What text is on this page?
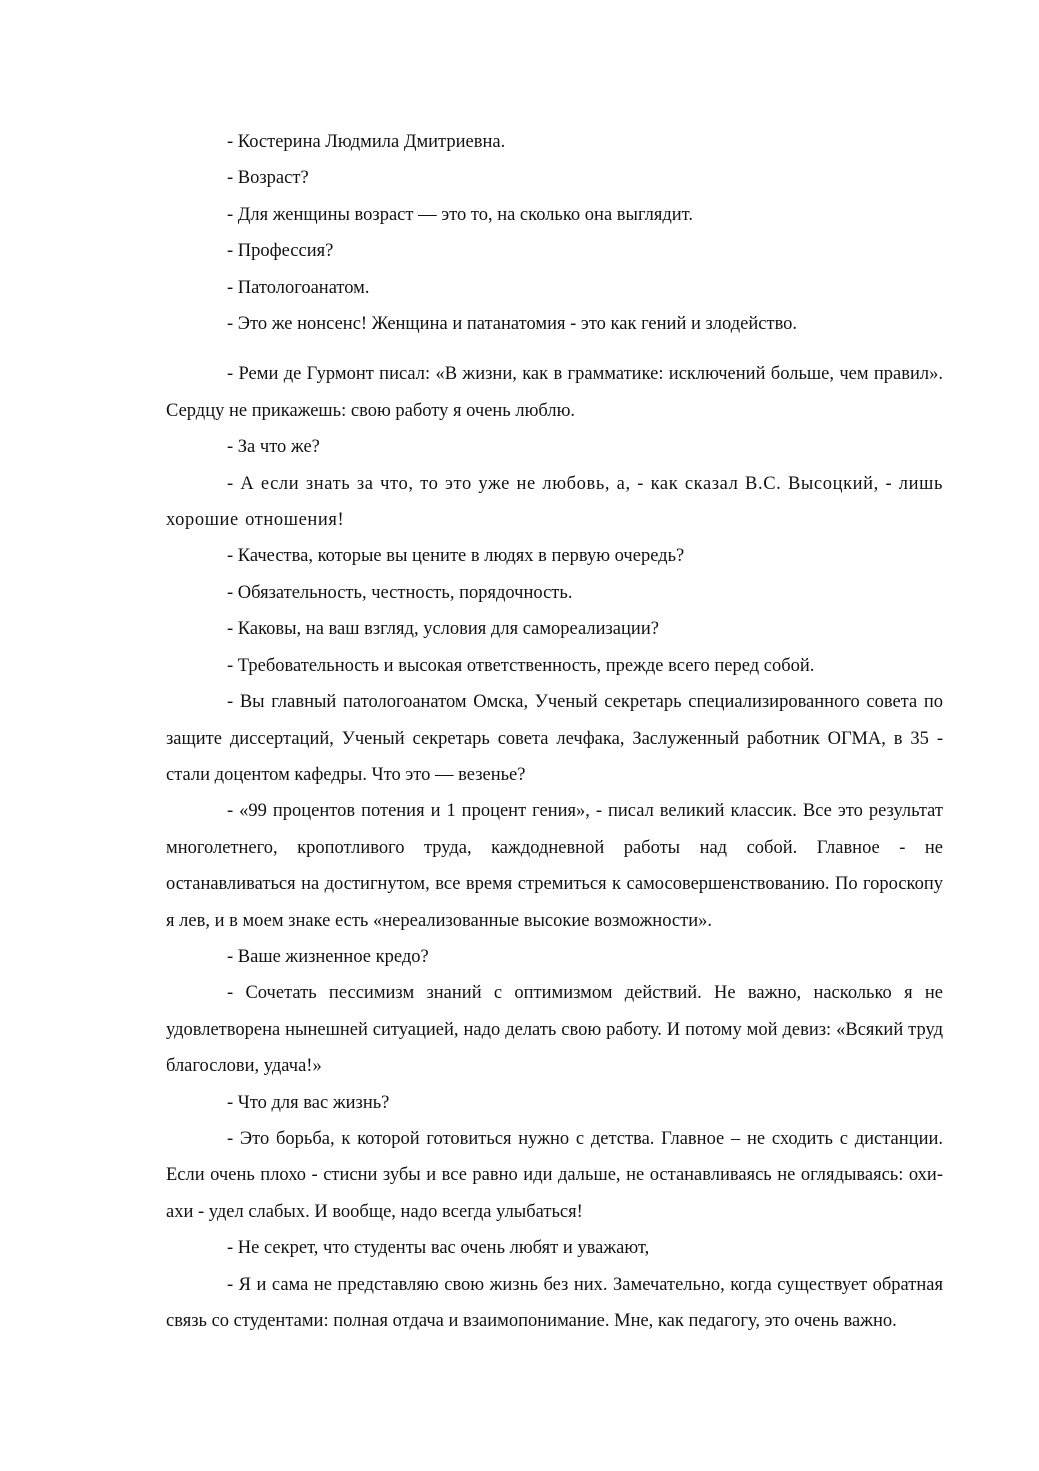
- Костерина Людмила Дмитриевна.

- Возраст?

- Для женщины возраст — это то, на сколько она выглядит.

- Профессия?

- Патологоанатом.

- Это же нонсенс! Женщина и патанатомия - это как гений и злодейство.

- Реми де Гурмонт писал: «В жизни, как в грамматике: исключений больше, чем правил». Сердцу не прикажешь: свою работу я очень люблю.

- За что же?

- А если знать за что, то это уже не любовь, а, - как сказал В.С. Высоцкий, - лишь хорошие отношения!

- Качества, которые вы цените в людях в первую очередь?

- Обязательность, честность, порядочность.

- Каковы, на ваш взгляд, условия для самореализации?

- Требовательность и высокая ответственность, прежде всего перед собой.

- Вы главный патологоанатом Омска, Ученый секретарь специализированного совета по защите диссертаций, Ученый секретарь совета лечфака, Заслуженный работник ОГМА, в 35 - стали доцентом кафедры. Что это — везенье?

- «99 процентов потения и 1 процент гения», - писал великий классик. Все это результат многолетнего, кропотливого труда, каждодневной работы над собой. Главное - не останавливаться на достигнутом, все время стремиться к самосовершенствованию. По гороскопу я лев, и в моем знаке есть «нереализованные высокие возможности».

- Ваше жизненное кредо?

- Сочетать пессимизм знаний с оптимизмом действий. Не важно, насколько я не удовлетворена нынешней ситуацией, надо делать свою работу. И потому мой девиз: «Всякий труд благослови, удача!»

- Что для вас жизнь?

- Это борьба, к которой готовиться нужно с детства. Главное – не сходить с дистанции. Если очень плохо - стисни зубы и все равно иди дальше, не останавливаясь не оглядываясь: охи-ахи - удел слабых. И вообще, надо всегда улыбаться!

- Не секрет, что студенты вас очень любят и уважают,

- Я и сама не представляю свою жизнь без них. Замечательно, когда существует обратная связь со студентами: полная отдача и взаимопонимание. Мне, как педагогу, это очень важно.
